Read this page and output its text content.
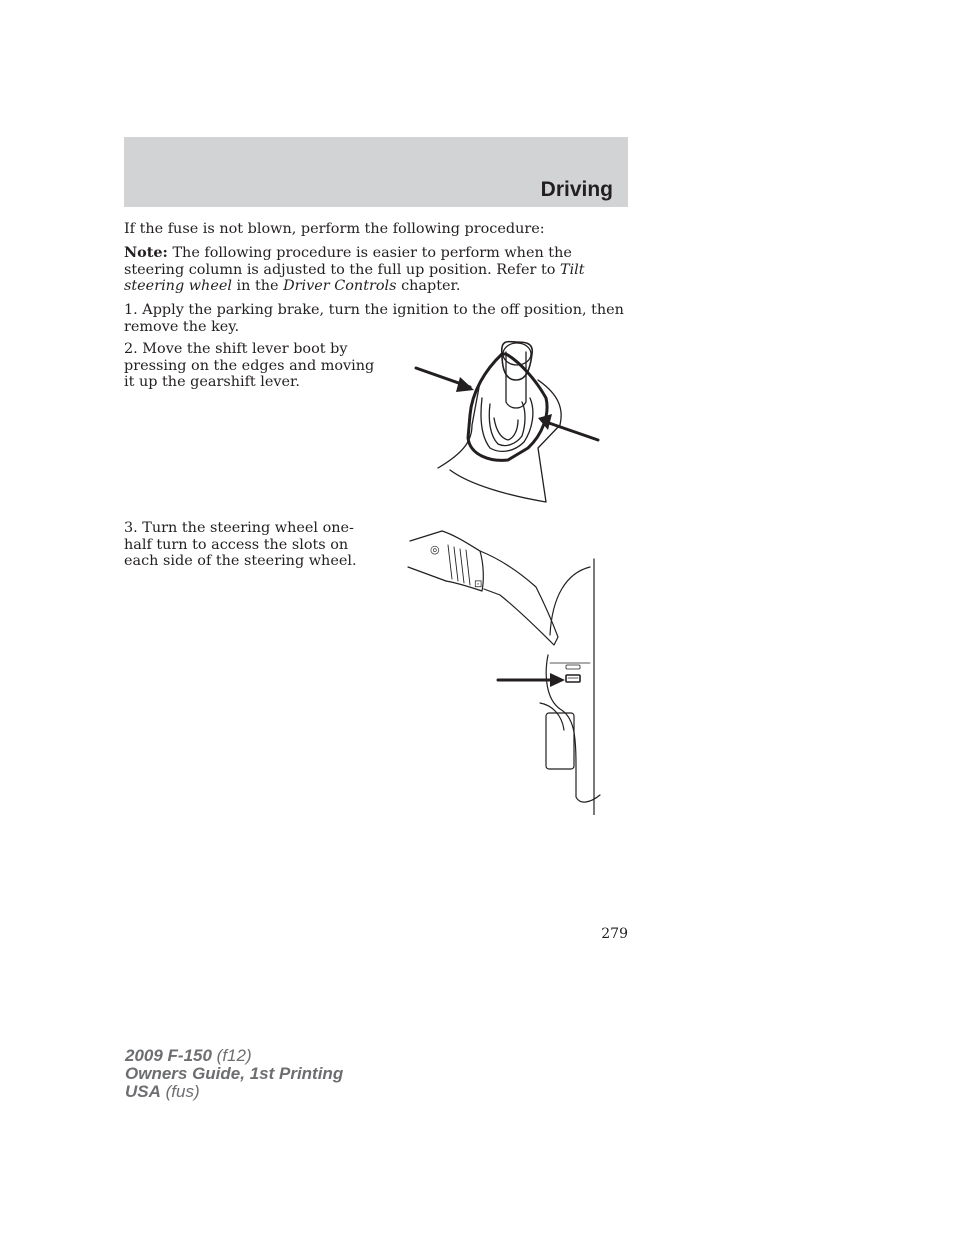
Driving
If the fuse is not blown, perform the following procedure:
Note: The following procedure is easier to perform when the steering column is adjusted to the full up position. Refer to Tilt steering wheel in the Driver Controls chapter.
1. Apply the parking brake, turn the ignition to the off position, then remove the key.
2. Move the shift lever boot by pressing on the edges and moving it up the gearshift lever.
3. Turn the steering wheel one-half turn to access the slots on each side of the steering wheel.
◎
⊡
279
2009 F-150 (f12)
Owners Guide, 1st Printing
USA (fus)
